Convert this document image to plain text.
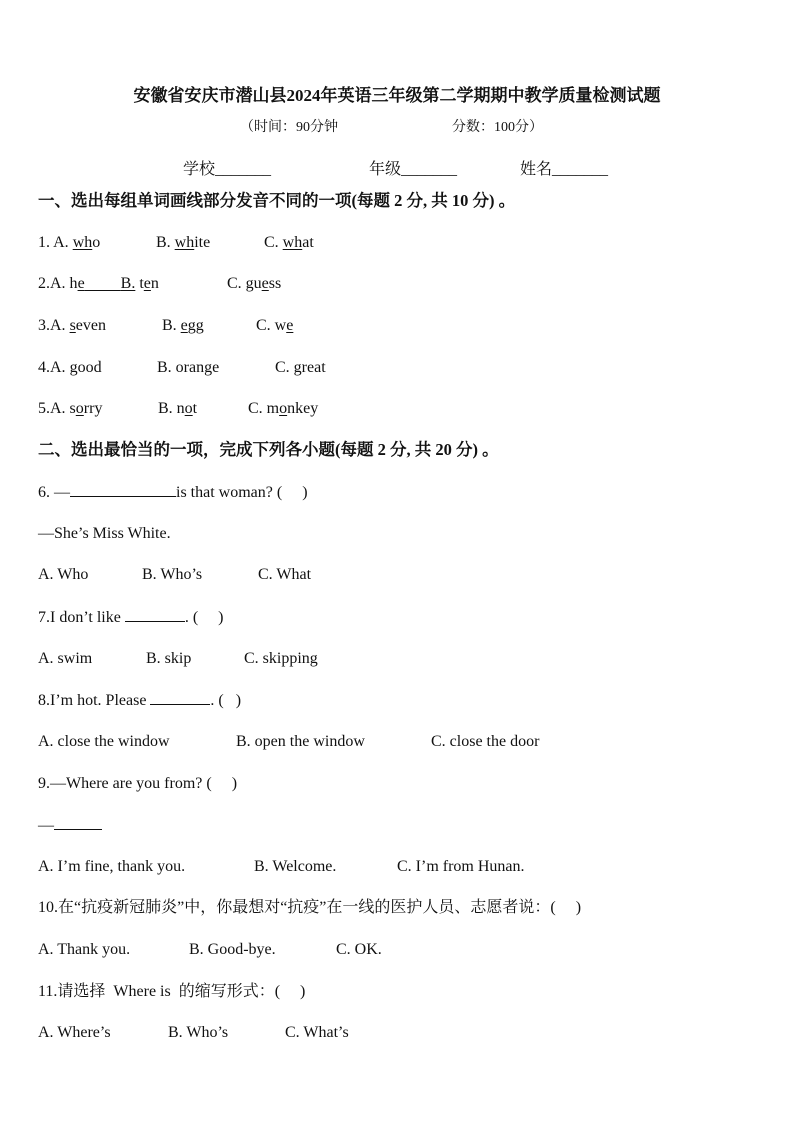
安徽省安庆市潜山县2024年英语三年级第二学期期中教学质量检测试题
（时间：90分钟	分数：100分）
学校_______	年级_______	姓名_______
一、选出每组单词画线部分发音不同的一项(每题 2 分, 共 10 分) 。
1. A. who	B. white	C. what
2.A. he B. ten	C. guess
3.A. seven	B. egg	C. we
4.A. good	B. orange	C. great
5.A. sorry	B. not	C. monkey
二、选出最恰当的一项，完成下列各小题(每题 2 分, 共 20 分) 。
6. —	is that woman? (     )
—She’s Miss White.
A. Who	B. Who’s	C. What
7.I don’t like	. (     )
A. swim	B. skip	C. skipping
8.I’m hot. Please	. (   )
A. close the window	B. open the window	C. close the door
9.—Where are you from? (     )
—
A. I’m fine, thank you.	B. Welcome.	C. I’m from Hunan.
10.在“抗疫新冠肺炎”中，你最想对“抗疫”在一线的医护人员、志愿者说：(     )
A. Thank you.	B. Good-bye.	C. OK.
11.请选择  Where is  的缩写形式：(     )
A. Where’s	B. Who’s	C. What’s
